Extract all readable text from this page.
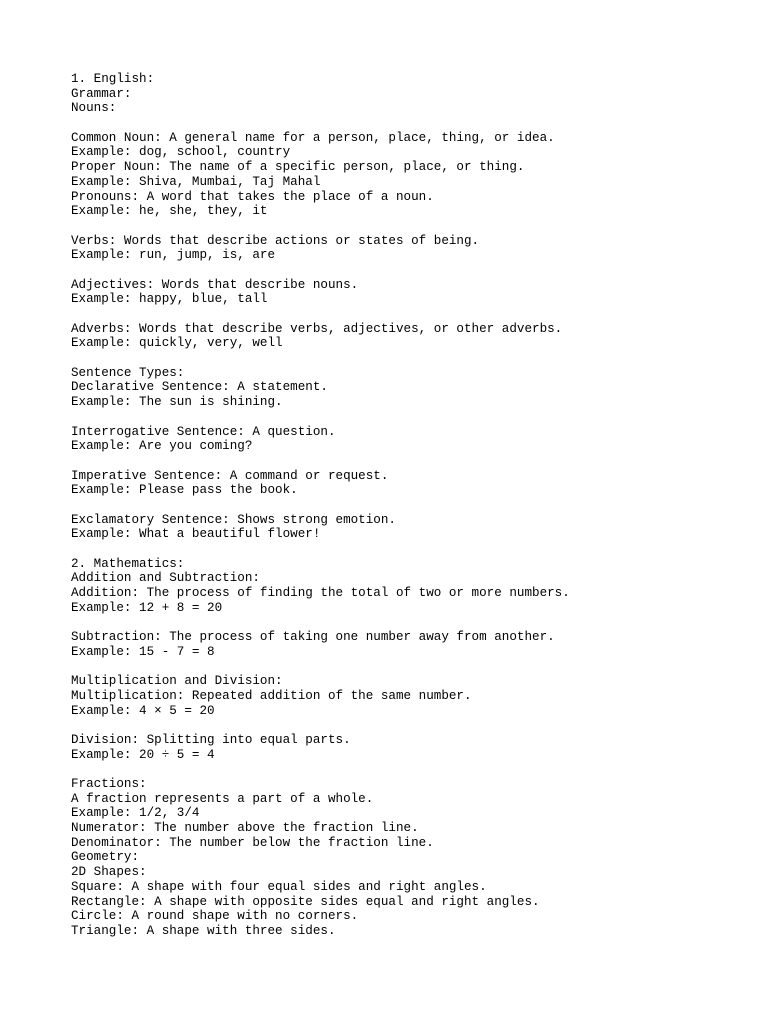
1. English:
Grammar:
Nouns:
Common Noun: A general name for a person, place, thing, or idea.
Example: dog, school, country
Proper Noun: The name of a specific person, place, or thing.
Example: Shiva, Mumbai, Taj Mahal
Pronouns: A word that takes the place of a noun.
Example: he, she, they, it
Verbs: Words that describe actions or states of being.
Example: run, jump, is, are
Adjectives: Words that describe nouns.
Example: happy, blue, tall
Adverbs: Words that describe verbs, adjectives, or other adverbs.
Example: quickly, very, well
Sentence Types:
Declarative Sentence: A statement.
Example: The sun is shining.
Interrogative Sentence: A question.
Example: Are you coming?
Imperative Sentence: A command or request.
Example: Please pass the book.
Exclamatory Sentence: Shows strong emotion.
Example: What a beautiful flower!
2. Mathematics:
Addition and Subtraction:
Addition: The process of finding the total of two or more numbers.
Example: 12 + 8 = 20
Subtraction: The process of taking one number away from another.
Example: 15 - 7 = 8
Multiplication and Division:
Multiplication: Repeated addition of the same number.
Example: 4 × 5 = 20
Division: Splitting into equal parts.
Example: 20 ÷ 5 = 4
Fractions:
A fraction represents a part of a whole.
Example: 1/2, 3/4
Numerator: The number above the fraction line.
Denominator: The number below the fraction line.
Geometry:
2D Shapes:
Square: A shape with four equal sides and right angles.
Rectangle: A shape with opposite sides equal and right angles.
Circle: A round shape with no corners.
Triangle: A shape with three sides.
